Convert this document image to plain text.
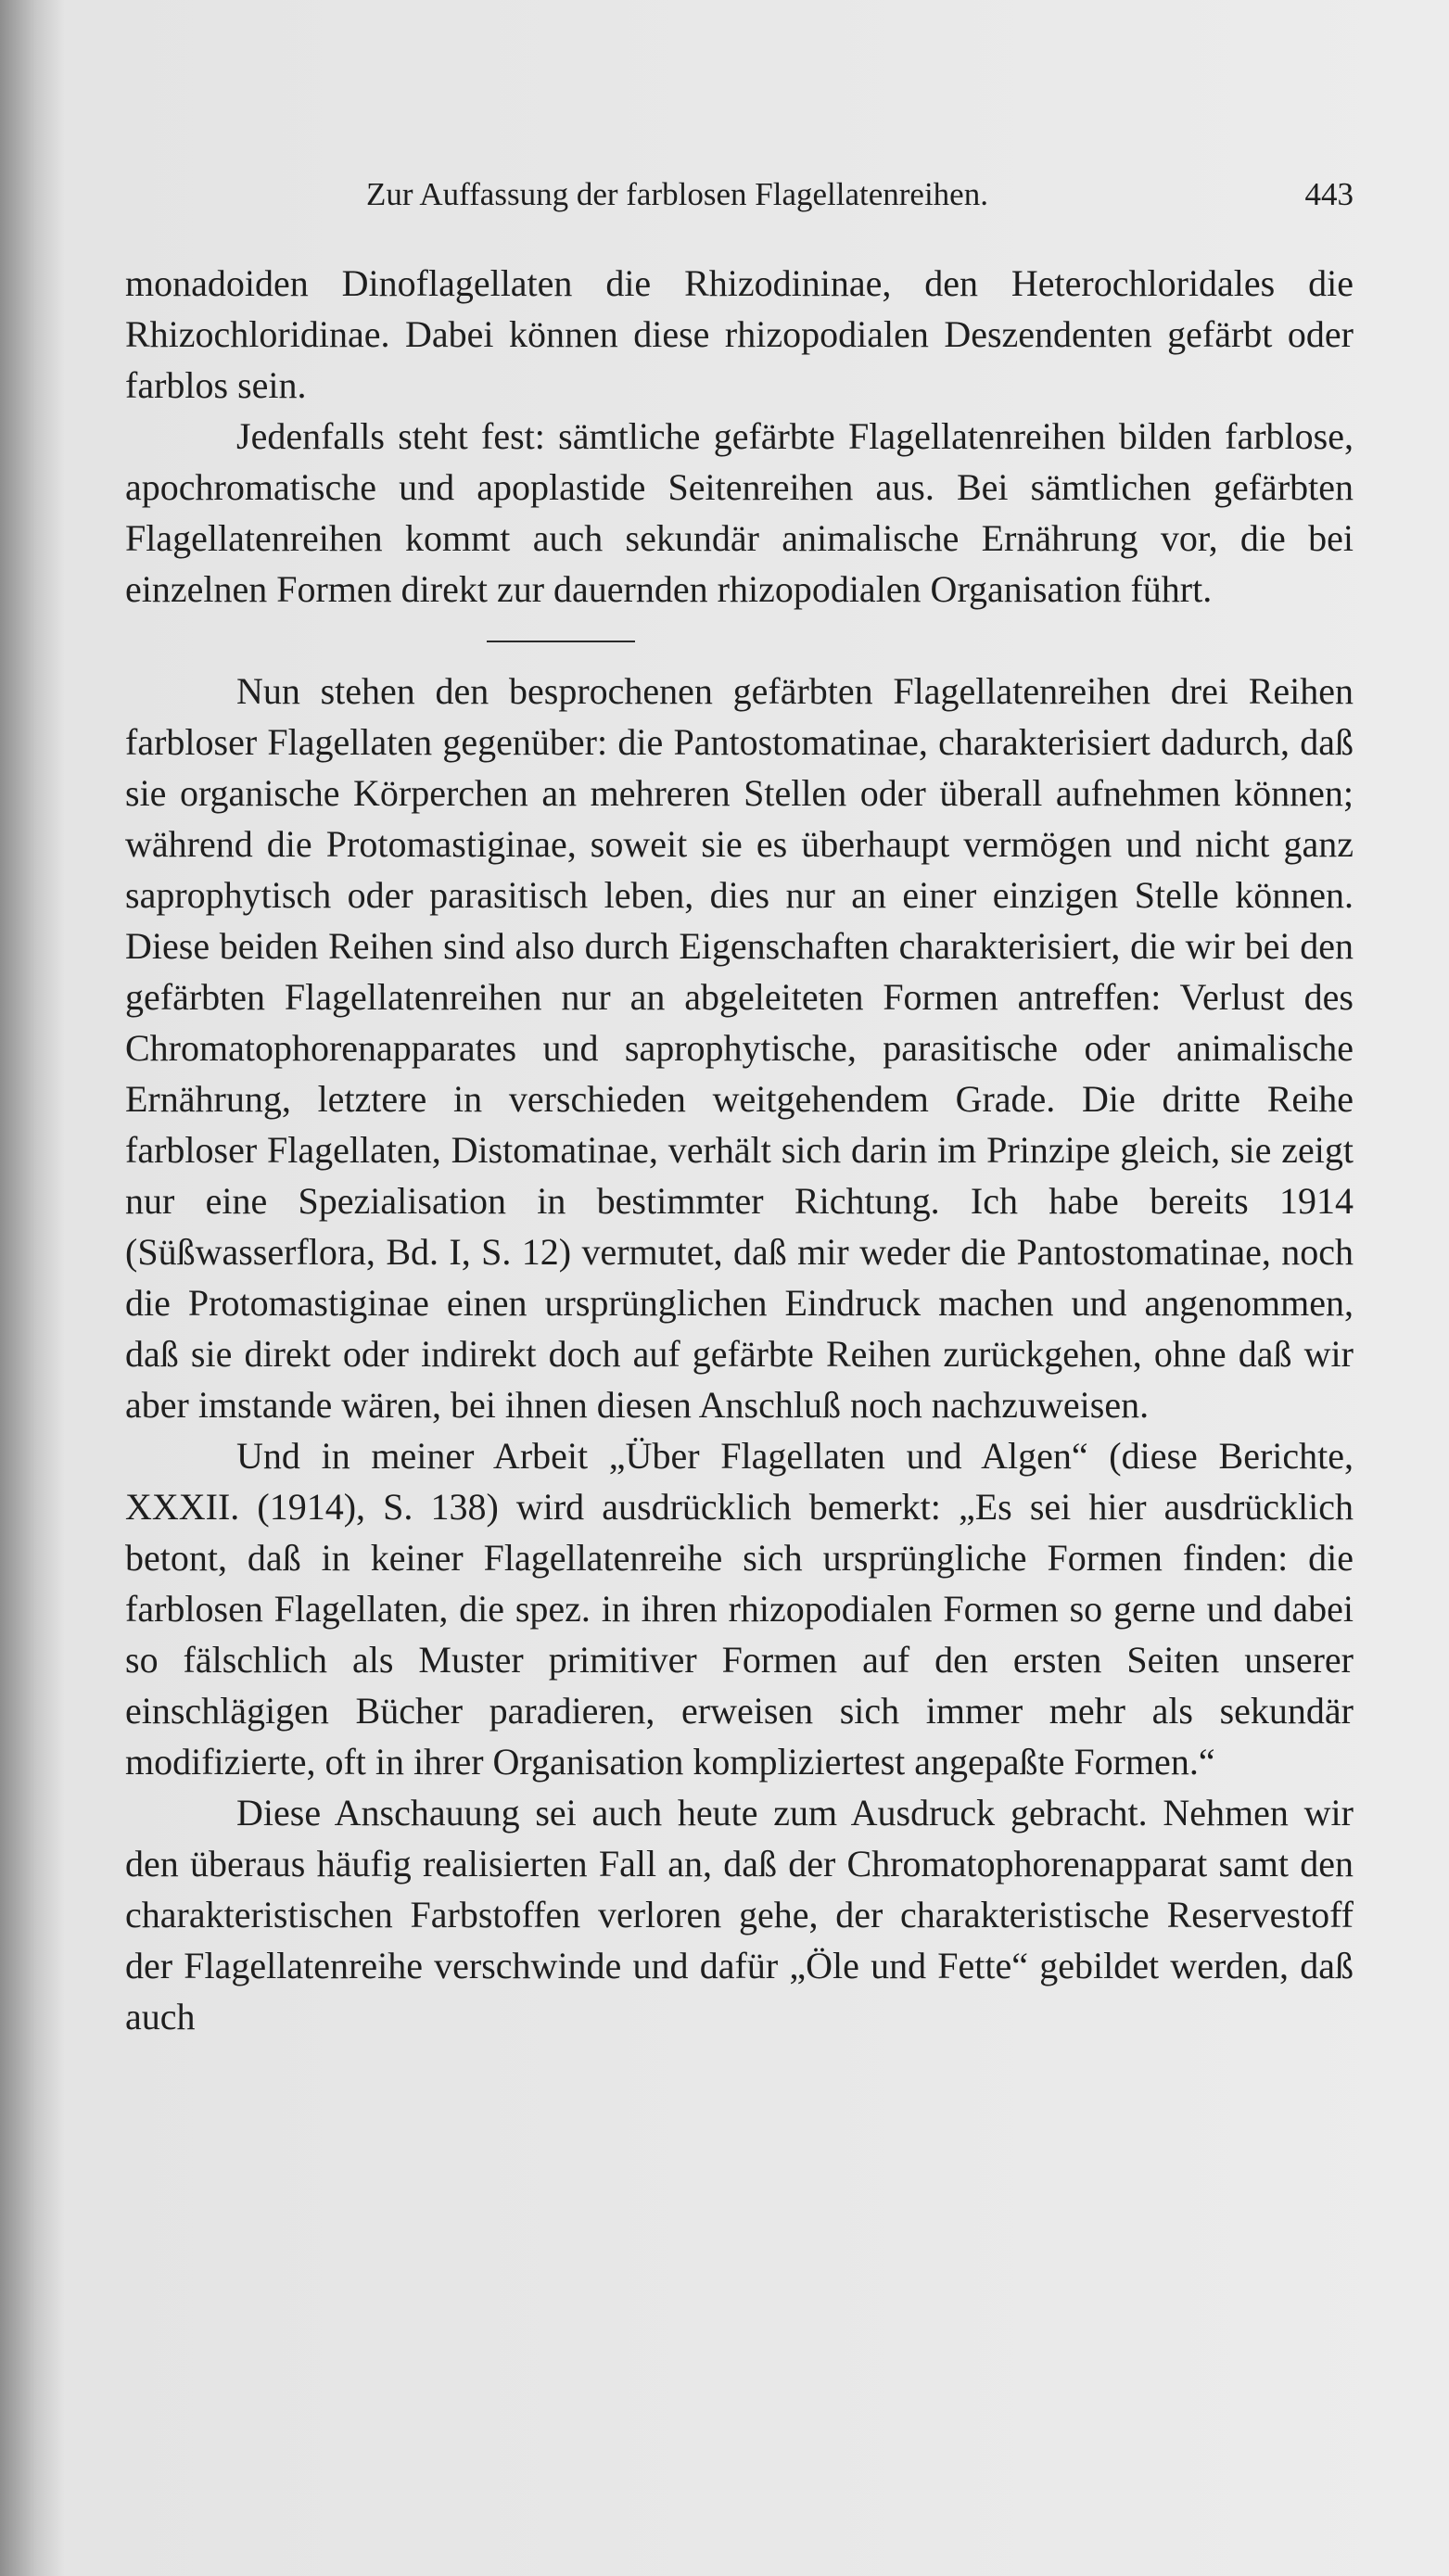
Zur Auffassung der farblosen Flagellatenreihen.	443

monadoiden Dinoflagellaten die Rhizodininae, den Heterochloridales die Rhizochloridinae. Dabei können diese rhizopodialen Deszendenten gefärbt oder farblos sein.

Jedenfalls steht fest: sämtliche gefärbte Flagellatenreihen bilden farblose, apochromatische und apoplastide Seitenreihen aus. Bei sämtlichen gefärbten Flagellatenreihen kommt auch sekundär animalische Ernährung vor, die bei einzelnen Formen direkt zur dauernden rhizopodialen Organisation führt.

Nun stehen den besprochenen gefärbten Flagellatenreihen drei Reihen farbloser Flagellaten gegenüber: die Pantostomatinae, charakterisiert dadurch, daß sie organische Körperchen an mehreren Stellen oder überall aufnehmen können; während die Protomastiginae, soweit sie es überhaupt vermögen und nicht ganz saprophytisch oder parasitisch leben, dies nur an einer einzigen Stelle können. Diese beiden Reihen sind also durch Eigenschaften charakterisiert, die wir bei den gefärbten Flagellatenreihen nur an abgeleiteten Formen antreffen: Verlust des Chromatophorenapparates und saprophytische, parasitische oder animalische Ernährung, letztere in verschieden weitgehendem Grade. Die dritte Reihe farbloser Flagellaten, Distomatinae, verhält sich darin im Prinzipe gleich, sie zeigt nur eine Spezialisation in bestimmter Richtung. Ich habe bereits 1914 (Süßwasserflora, Bd. I, S. 12) vermutet, daß mir weder die Pantostomatinae, noch die Protomastiginae einen ursprünglichen Eindruck machen und angenommen, daß sie direkt oder indirekt doch auf gefärbte Reihen zurückgehen, ohne daß wir aber imstande wären, bei ihnen diesen Anschluß noch nachzuweisen.

Und in meiner Arbeit „Über Flagellaten und Algen“ (diese Berichte, XXXII. (1914), S. 138) wird ausdrücklich bemerkt: „Es sei hier ausdrücklich betont, daß in keiner Flagellatenreihe sich ursprüngliche Formen finden: die farblosen Flagellaten, die spez. in ihren rhizopodialen Formen so gerne und dabei so fälschlich als Muster primitiver Formen auf den ersten Seiten unserer einschlägigen Bücher paradieren, erweisen sich immer mehr als sekundär modifizierte, oft in ihrer Organisation kompliziertest angepaßte Formen.“

Diese Anschauung sei auch heute zum Ausdruck gebracht. Nehmen wir den überaus häufig realisierten Fall an, daß der Chromatophorenapparat samt den charakteristischen Farbstoffen verloren gehe, der charakteristische Reservestoff der Flagellatenreihe verschwinde und dafür „Öle und Fette“ gebildet werden, daß auch
